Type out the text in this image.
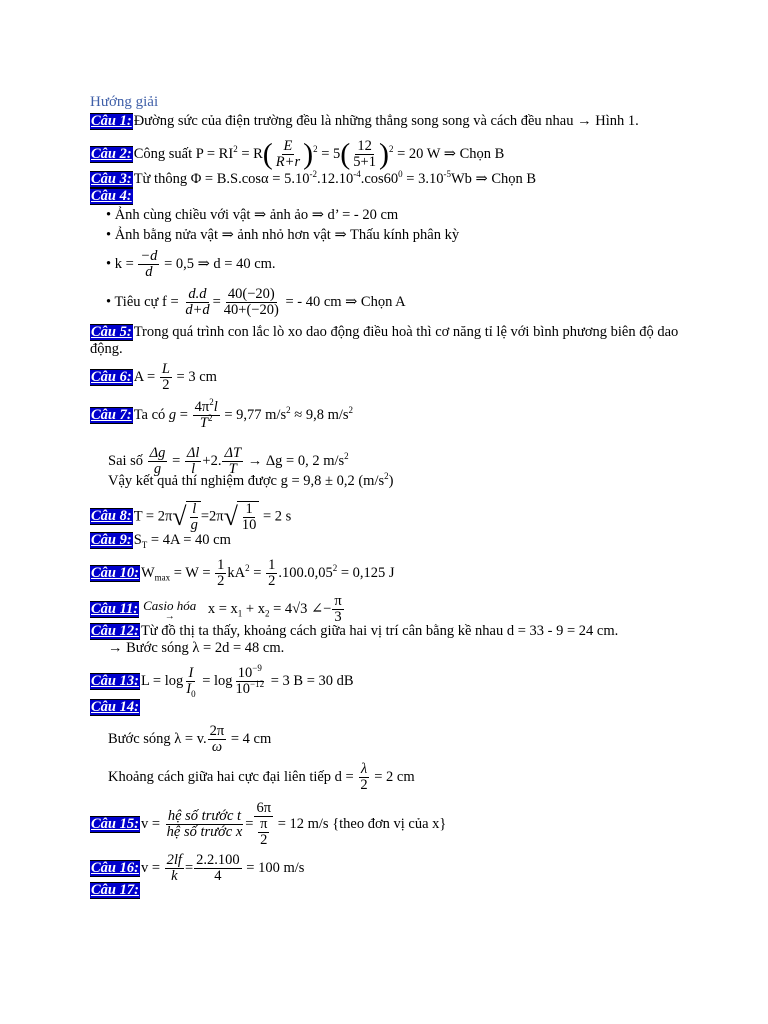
Hướng giải
Câu 1: Đường sức của điện trường đều là những thẳng song song và cách đều nhau → Hình 1.
Câu 2: Công suất $P = RI^2 = R( \frac{E}{R+r} )^2 = 5( \frac{12}{5+1} )^2 = 20$ W ⇒ Chọn B
Câu 3: Từ thông $\Phi = B.S.\cos\alpha = 5.10^{-2}.12.10^{-4}.\cos 60^0 = 3.10^{-5}Wb$ ⇒ Chọn B
Câu 4:
• Ảnh cùng chiều với vật ⇒ ảnh ảo ⇒ d’ = - 20 cm
• Ảnh bằng nửa vật ⇒ ảnh nhỏ hơn vật ⇒ Thấu kính phân kỳ
• $k = \frac{-d}{d} = 0,5$ ⇒ d = 40 cm.
• Tiêu cự $f = \frac{d.d}{d+d} = \frac{40(-20)}{40+(-20)}$ = - 40 cm ⇒ Chọn A
Câu 5: Trong quá trình con lắc lò xo dao động điều hoà thì cơ năng tỉ lệ với bình phương biên độ dao động.
Câu 6: $A = \frac{L}{2} = 3$ cm
Câu 7: Ta có $g = \frac{4\pi^2l}{T^2} = 9,77$ $m/s^2 \approx 9,8$ $m/s^2$
Sai số $\frac{\Delta g}{g} = \frac{\Delta l}{l} +2$. $\frac{\Delta T}{T} \to \Delta g = 0$, 2 $m/s^2$
Vậy kết quả thí nghiệm được g = 9,8 ± 0,2 $(m/s^2)$
Câu 8: T = 2π √ $\frac{l}{g} =2\pi$ √ $\frac{1}{10} = 2$ s
Câu 9: $S_T = 4A = 40$ cm
Câu 10: $W_{max} = W = \frac{1}{2} kA^2 = \frac{1}{2} .100.0,05^2 = 0,125$ J
Câu 11: Casio hóa
→ $x = x_1 + x_2 = 4√3$ ∠− $\frac{\pi}{3}$
Câu 12: Từ đồ thị ta thấy, khoảng cách giữa hai vị trí cân bằng kề nhau d = 33 - 9 = 24 cm.
→ Bước sóng λ = 2d = 48 cm.
Câu 13: $L = \log \frac{I}{I_0} = \log \frac{10^{-9}}{10^{-12}} = 3$ B = 30 dB
Câu 14:
Bước sóng λ = v. $\frac{2\pi}{\omega} = 4$ cm
Khoảng cách giữa hai cực đại liên tiếp $d = \frac{\lambda}{2} = 2$ cm
Câu 15: $v = \frac{\text{hệ số trước t}}{\text{hệ số trước x}} = \frac{6\pi}{\frac{\pi}{2}} = 12$ m/s {theo đơn vị của x}
Câu 16: $v = \frac{2lf}{k} = \frac{2.2.100}{4} = 100$ m/s
Câu 17:
